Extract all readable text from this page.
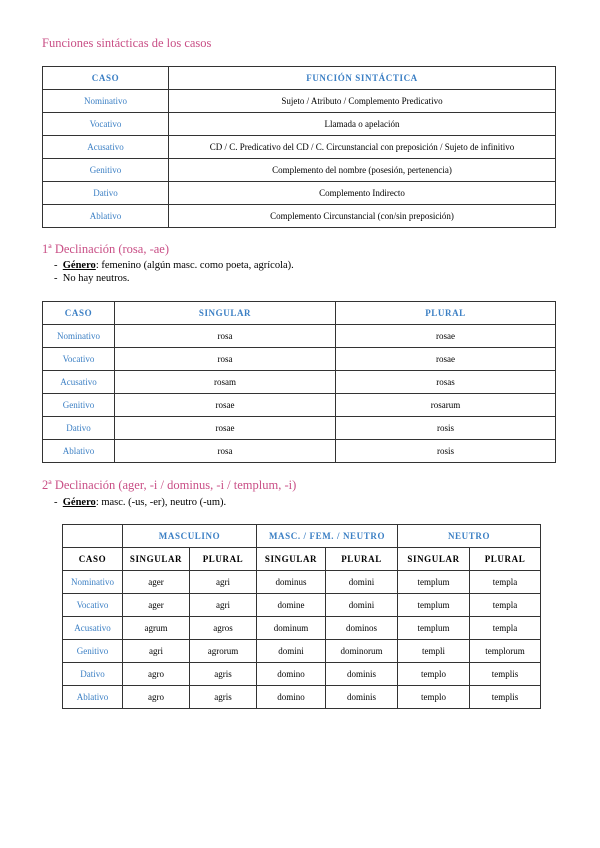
Funciones sintácticas de los casos
CASO	FUNCIÓN SINTÁCTICA
Nominativo	Sujeto / Atributo / Complemento Predicativo
Vocativo	Llamada o apelación
Acusativo	CD / C. Predicativo del CD / C. Circunstancial con preposición / Sujeto de infinitivo
Genitivo	Complemento del nombre (posesión, pertenencia)
Dativo	Complemento Indirecto
Ablativo	Complemento Circunstancial (con/sin preposición)
1ª Declinación (rosa, -ae)
-  Género: femenino (algún masc. como poeta, agrícola).
-  No hay neutros.
CASO	SINGULAR	PLURAL
Nominativo	rosa	rosae
Vocativo	rosa	rosae
Acusativo	rosam	rosas
Genitivo	rosae	rosarum
Dativo	rosae	rosis
Ablativo	rosa	rosis
2ª Declinación (ager, -i / dominus, -i / templum, -i)
-  Género: masc. (-us, -er), neutro (-um).
	MASCULINO		MASC. / FEM. / NEUTRO		NEUTRO	
CASO	SINGULAR	PLURAL	SINGULAR	PLURAL	SINGULAR	PLURAL
Nominativo	ager	agri	dominus	domini	templum	templa
Vocativo	ager	agri	domine	domini	templum	templa
Acusativo	agrum	agros	dominum	dominos	templum	templa
Genitivo	agri	agrorum	domini	dominorum	templi	templorum
Dativo	agro	agris	domino	dominis	templo	templis
Ablativo	agro	agris	domino	dominis	templo	templis
